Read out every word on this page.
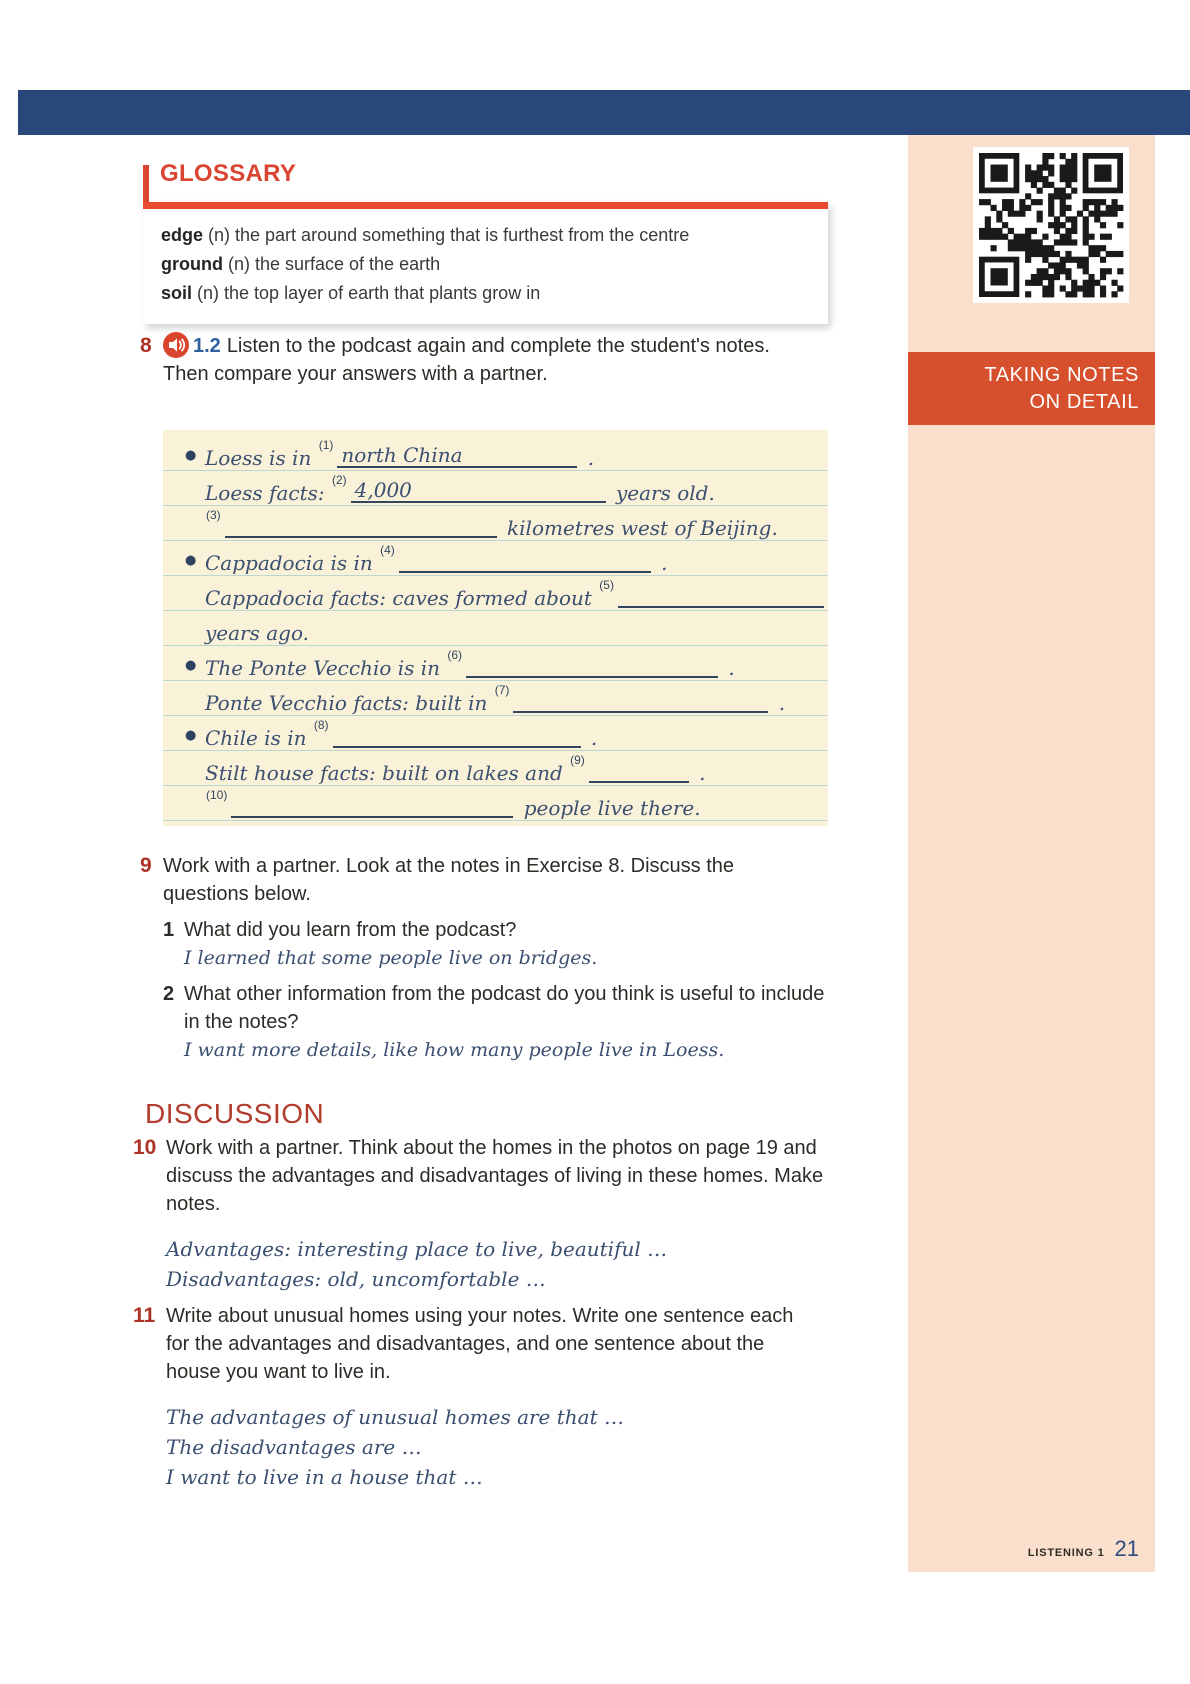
TAKING NOTES
ON DETAIL
GLOSSARY
edge (n) the part around something that is furthest from the centre
ground (n) the surface of the earth
soil (n) the top layer of earth that plants grow in
8	1.2 Listen to the podcast again and complete the student's notes. Then compare your answers with a partner.
● Loess is in
(1) north China	.
Loess facts:
(2) 4,000	years old.
(3)
kilometres west of Beijing.
● Cappadocia is in
(4)
.
Cappadocia facts: caves formed about
(5)
years ago.
● The Ponte Vecchio is in
(6)
.
Ponte Vecchio facts: built in
(7)
.
● Chile is in
(8)
.
Stilt house facts: built on lakes and
(9)
.
(10)
people live there.
9 Work with a partner. Look at the notes in Exercise 8. Discuss the questions below.
1 What did you learn from the podcast?
I learned that some people live on bridges.
2 What other information from the podcast do you think is useful to include in the notes?
I want more details, like how many people live in Loess.
DISCUSSION
10 Work with a partner. Think about the homes in the photos on page 19 and discuss the advantages and disadvantages of living in these homes. Make notes.
Advantages: interesting place to live, beautiful …
Disadvantages: old, uncomfortable …
11 Write about unusual homes using your notes. Write one sentence each for the advantages and disadvantages, and one sentence about the house you want to live in.
The advantages of unusual homes are that …
The disadvantages are …
I want to live in a house that …
LISTENING 1 21
